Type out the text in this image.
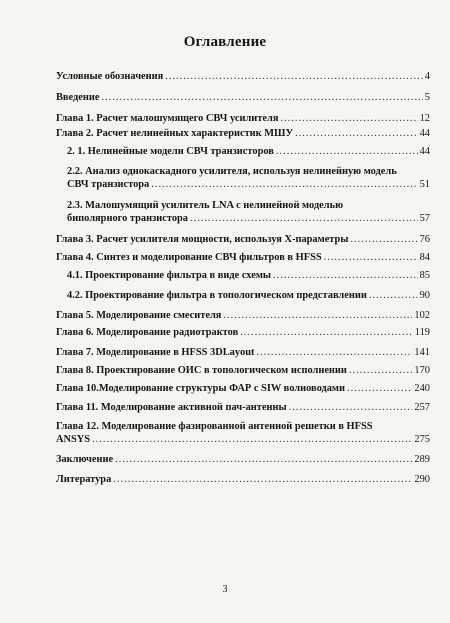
Оглавление
Условные обозначения .....	4
Введение .....	5
Глава 1. Расчет малошумящего СВЧ усилителя .....	12
Глава 2. Расчет нелинейных характеристик МШУ .....	44
2. 1. Нелинейные модели СВЧ транзисторов .....	44
2.2. Анализ однокаскадного усилителя, используя нелинейную модель
СВЧ транзистора .....	51
2.3. Малошумящий усилитель LNA с нелинейной моделью
биполярного транзистора .....	57
Глава 3. Расчет усилителя мощности, используя Х-параметры .....	76
Глава 4. Синтез и моделирование СВЧ фильтров в HFSS .....	84
4.1. Проектирование фильтра в виде схемы .....	85
4.2. Проектирование фильтра в топологическом представлении .....	90
Глава 5. Моделирование смесителя .....	102
Глава 6. Моделирование радиотрактов .....	119
Глава 7. Моделирование в HFSS 3DLayout .....	141
Глава 8. Проектирование ОИС в топологическом исполнении .....	170
Глава 10.Моделирование структуры ФАР с SIW волноводами .....	240
Глава 11. Моделирование активной пач-антенны .....	257
Глава 12. Моделирование фазированной антенной решетки в HFSS
ANSYS .....	275
Заключение .....	289
Литература .....	290
3
